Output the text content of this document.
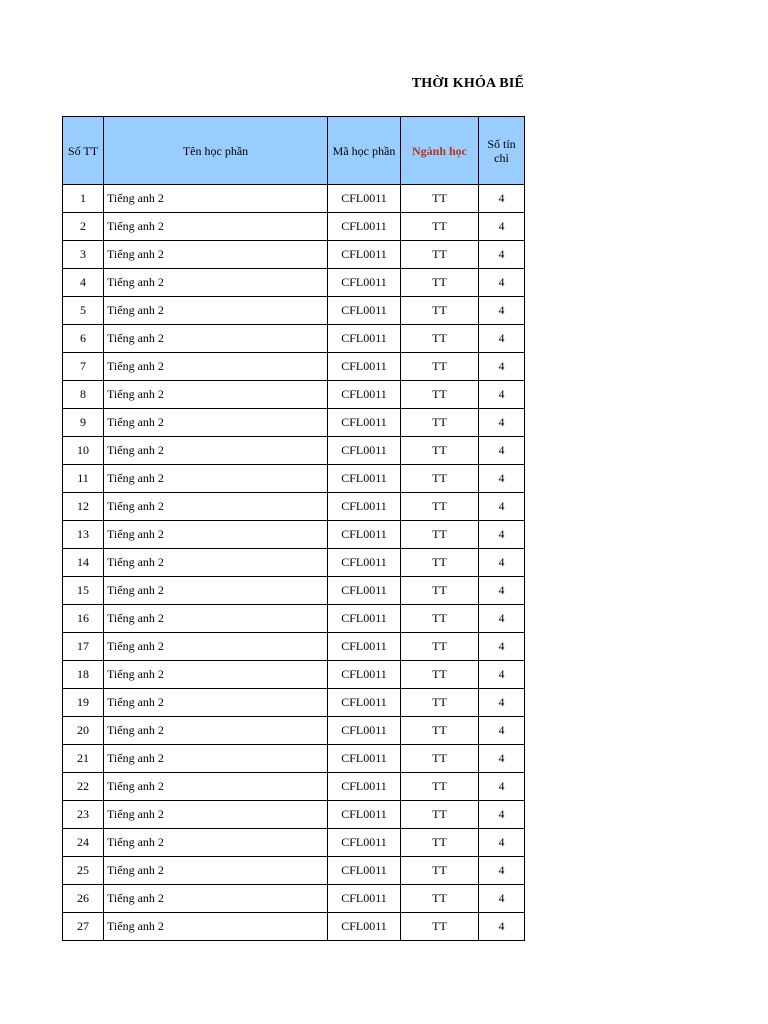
THỜI KHÓA BIỂ
Số TT	Tên học phần	Mã học phần	Ngành học	Số tín chỉ
1	Tiếng anh 2	CFL0011	TT	4
2	Tiếng anh 2	CFL0011	TT	4
3	Tiếng anh 2	CFL0011	TT	4
4	Tiếng anh 2	CFL0011	TT	4
5	Tiếng anh 2	CFL0011	TT	4
6	Tiếng anh 2	CFL0011	TT	4
7	Tiếng anh 2	CFL0011	TT	4
8	Tiếng anh 2	CFL0011	TT	4
9	Tiếng anh 2	CFL0011	TT	4
10	Tiếng anh 2	CFL0011	TT	4
11	Tiếng anh 2	CFL0011	TT	4
12	Tiếng anh 2	CFL0011	TT	4
13	Tiếng anh 2	CFL0011	TT	4
14	Tiếng anh 2	CFL0011	TT	4
15	Tiếng anh 2	CFL0011	TT	4
16	Tiếng anh 2	CFL0011	TT	4
17	Tiếng anh 2	CFL0011	TT	4
18	Tiếng anh 2	CFL0011	TT	4
19	Tiếng anh 2	CFL0011	TT	4
20	Tiếng anh 2	CFL0011	TT	4
21	Tiếng anh 2	CFL0011	TT	4
22	Tiếng anh 2	CFL0011	TT	4
23	Tiếng anh 2	CFL0011	TT	4
24	Tiếng anh 2	CFL0011	TT	4
25	Tiếng anh 2	CFL0011	TT	4
26	Tiếng anh 2	CFL0011	TT	4
27	Tiếng anh 2	CFL0011	TT	4
